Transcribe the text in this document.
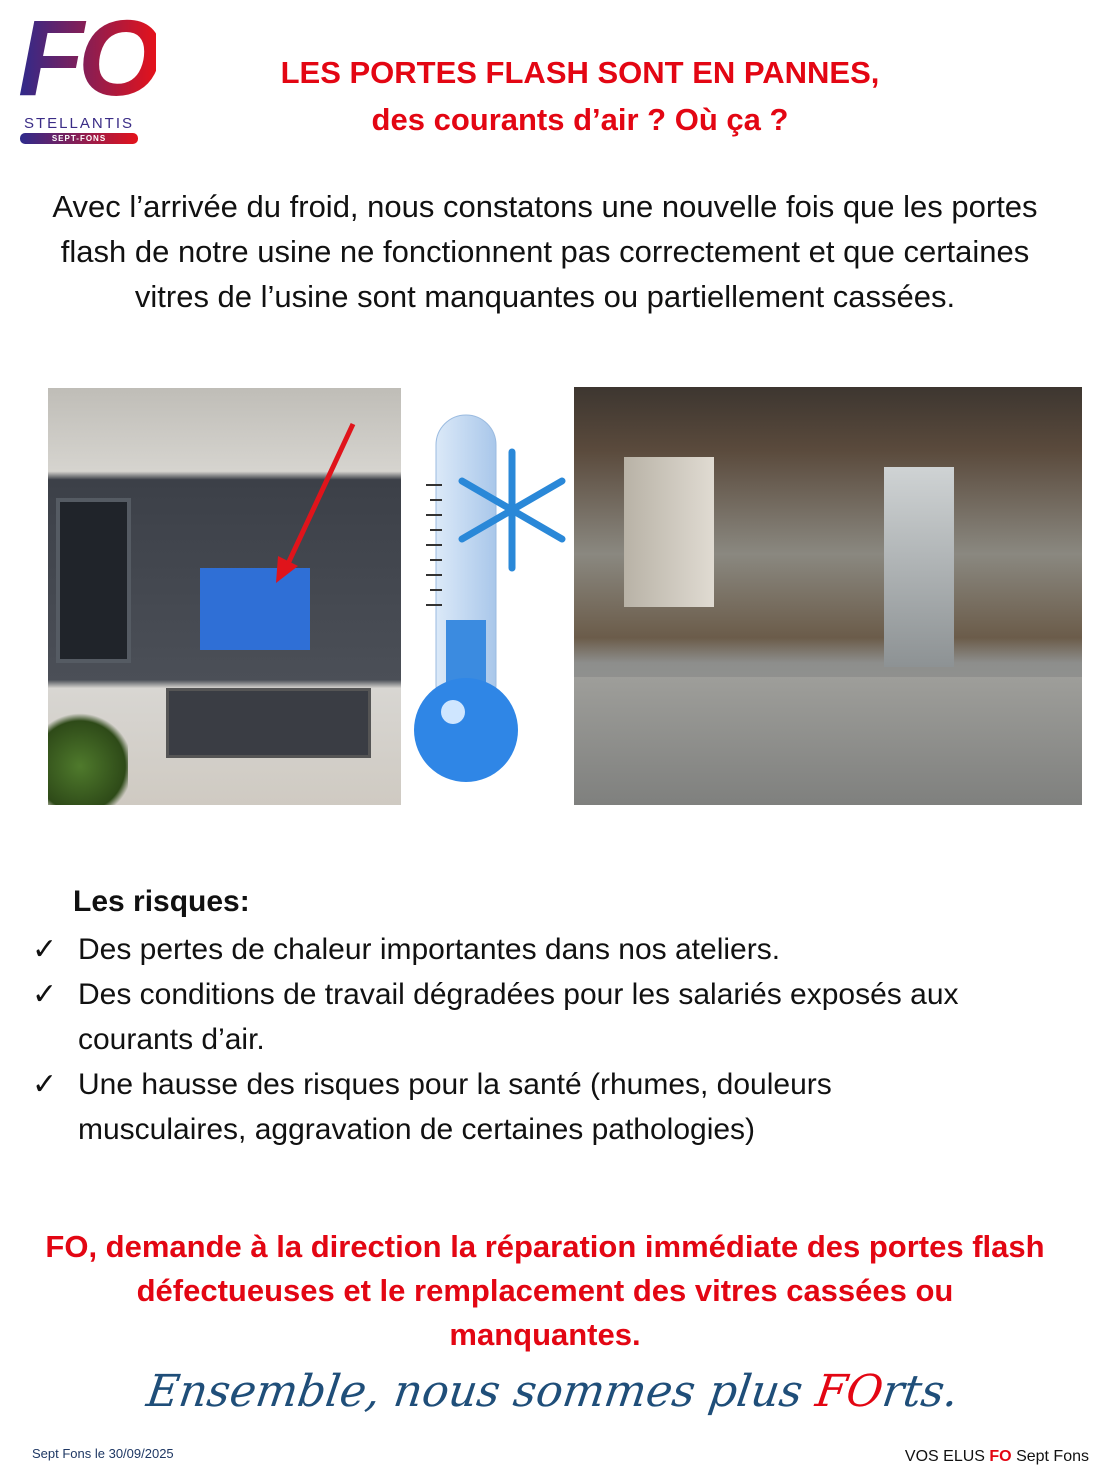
FO
STELLANTIS
SEPT-FONS
LES PORTES FLASH SONT EN PANNES,
des courants d’air ? Où ça ?
Avec l’arrivée du froid, nous constatons une nouvelle fois que les portes flash de notre usine ne fonctionnent pas correctement et que certaines vitres de l’usine sont manquantes ou partiellement cassées.
Les risques:
✓ Des pertes de chaleur importantes dans nos ateliers.
✓ Des conditions de travail dégradées pour les salariés exposés aux courants d’air.
✓ Une hausse des risques pour la santé (rhumes, douleurs musculaires, aggravation de certaines pathologies)
FO, demande à la direction la réparation immédiate des portes flash défectueuses et le remplacement des vitres cassées ou manquantes.
Ensemble, nous sommes plus FOrts.
Sept Fons le 30/09/2025	VOS ELUS FO Sept Fons
